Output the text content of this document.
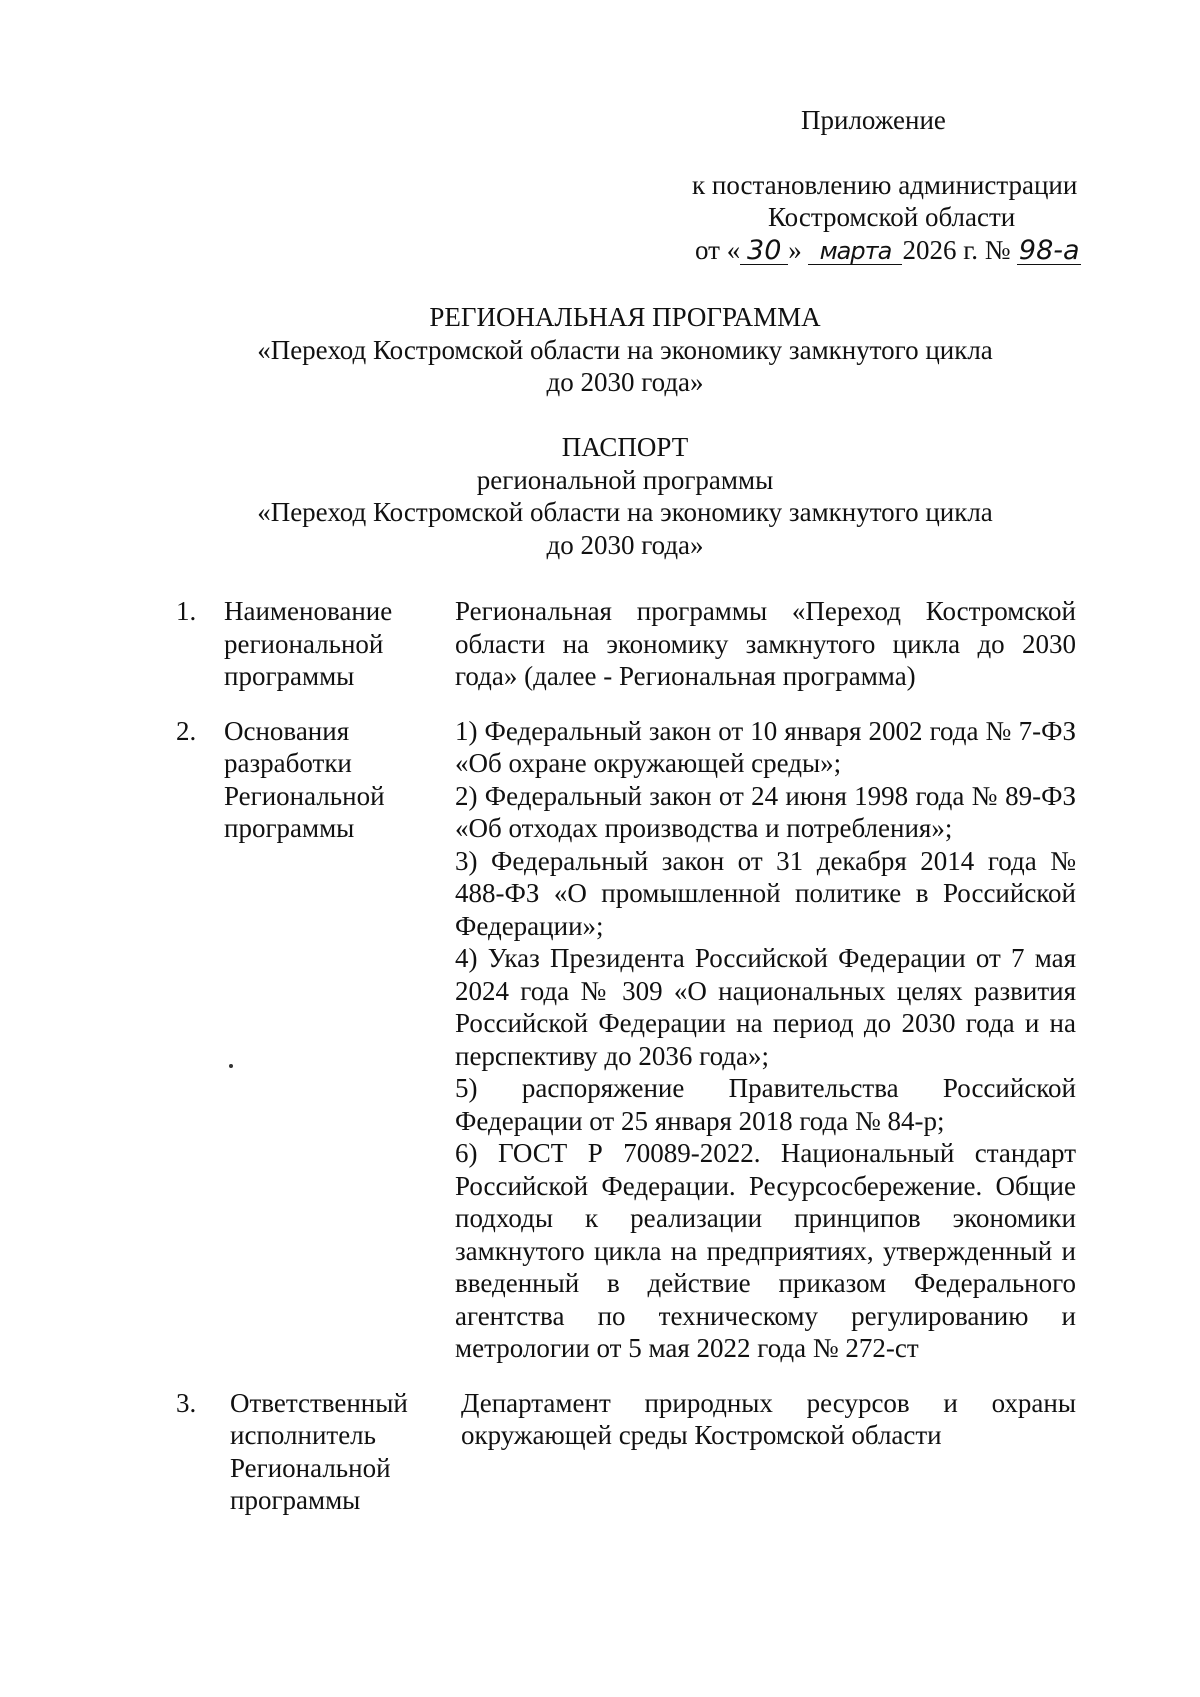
Приложение
к постановлению администрации
Костромской области
от « 30 » марта 2026 г. № 98-а
РЕГИОНАЛЬНАЯ ПРОГРАММА
«Переход Костромской области на экономику замкнутого цикла
до 2030 года»
ПАСПОРТ
региональной программы
«Переход Костромской области на экономику замкнутого цикла
до 2030 года»
1. Наименование
региональной
программы
Региональная программы «Переход Костромской области на экономику замкнутого цикла до 2030 года» (далее - Региональная программа)
2. Основания
разработки
Региональной
программы
1) Федеральный закон от 10 января 2002 года № 7-ФЗ «Об охране окружающей среды»;
2) Федеральный закон от 24 июня 1998 года № 89-ФЗ «Об отходах производства и потребления»;
3) Федеральный закон от 31 декабря 2014 года № 488-ФЗ «О промышленной политике в Российской Федерации»;
4) Указ Президента Российской Федерации от 7 мая 2024 года № 309 «О национальных целях развития Российской Федерации на период до 2030 года и на перспективу до 2036 года»;
5) распоряжение Правительства Российской Федерации от 25 января 2018 года № 84-р;
6) ГОСТ Р 70089-2022. Национальный стандарт Российской Федерации. Ресурсосбережение. Общие подходы к реализации принципов экономики замкнутого цикла на предприятиях, утвержденный и введенный в действие приказом Федерального агентства по техническому регулированию и метрологии от 5 мая 2022 года № 272-ст
3. Ответственный
исполнитель
Региональной
программы
Департамент природных ресурсов и охраны окружающей среды Костромской области
